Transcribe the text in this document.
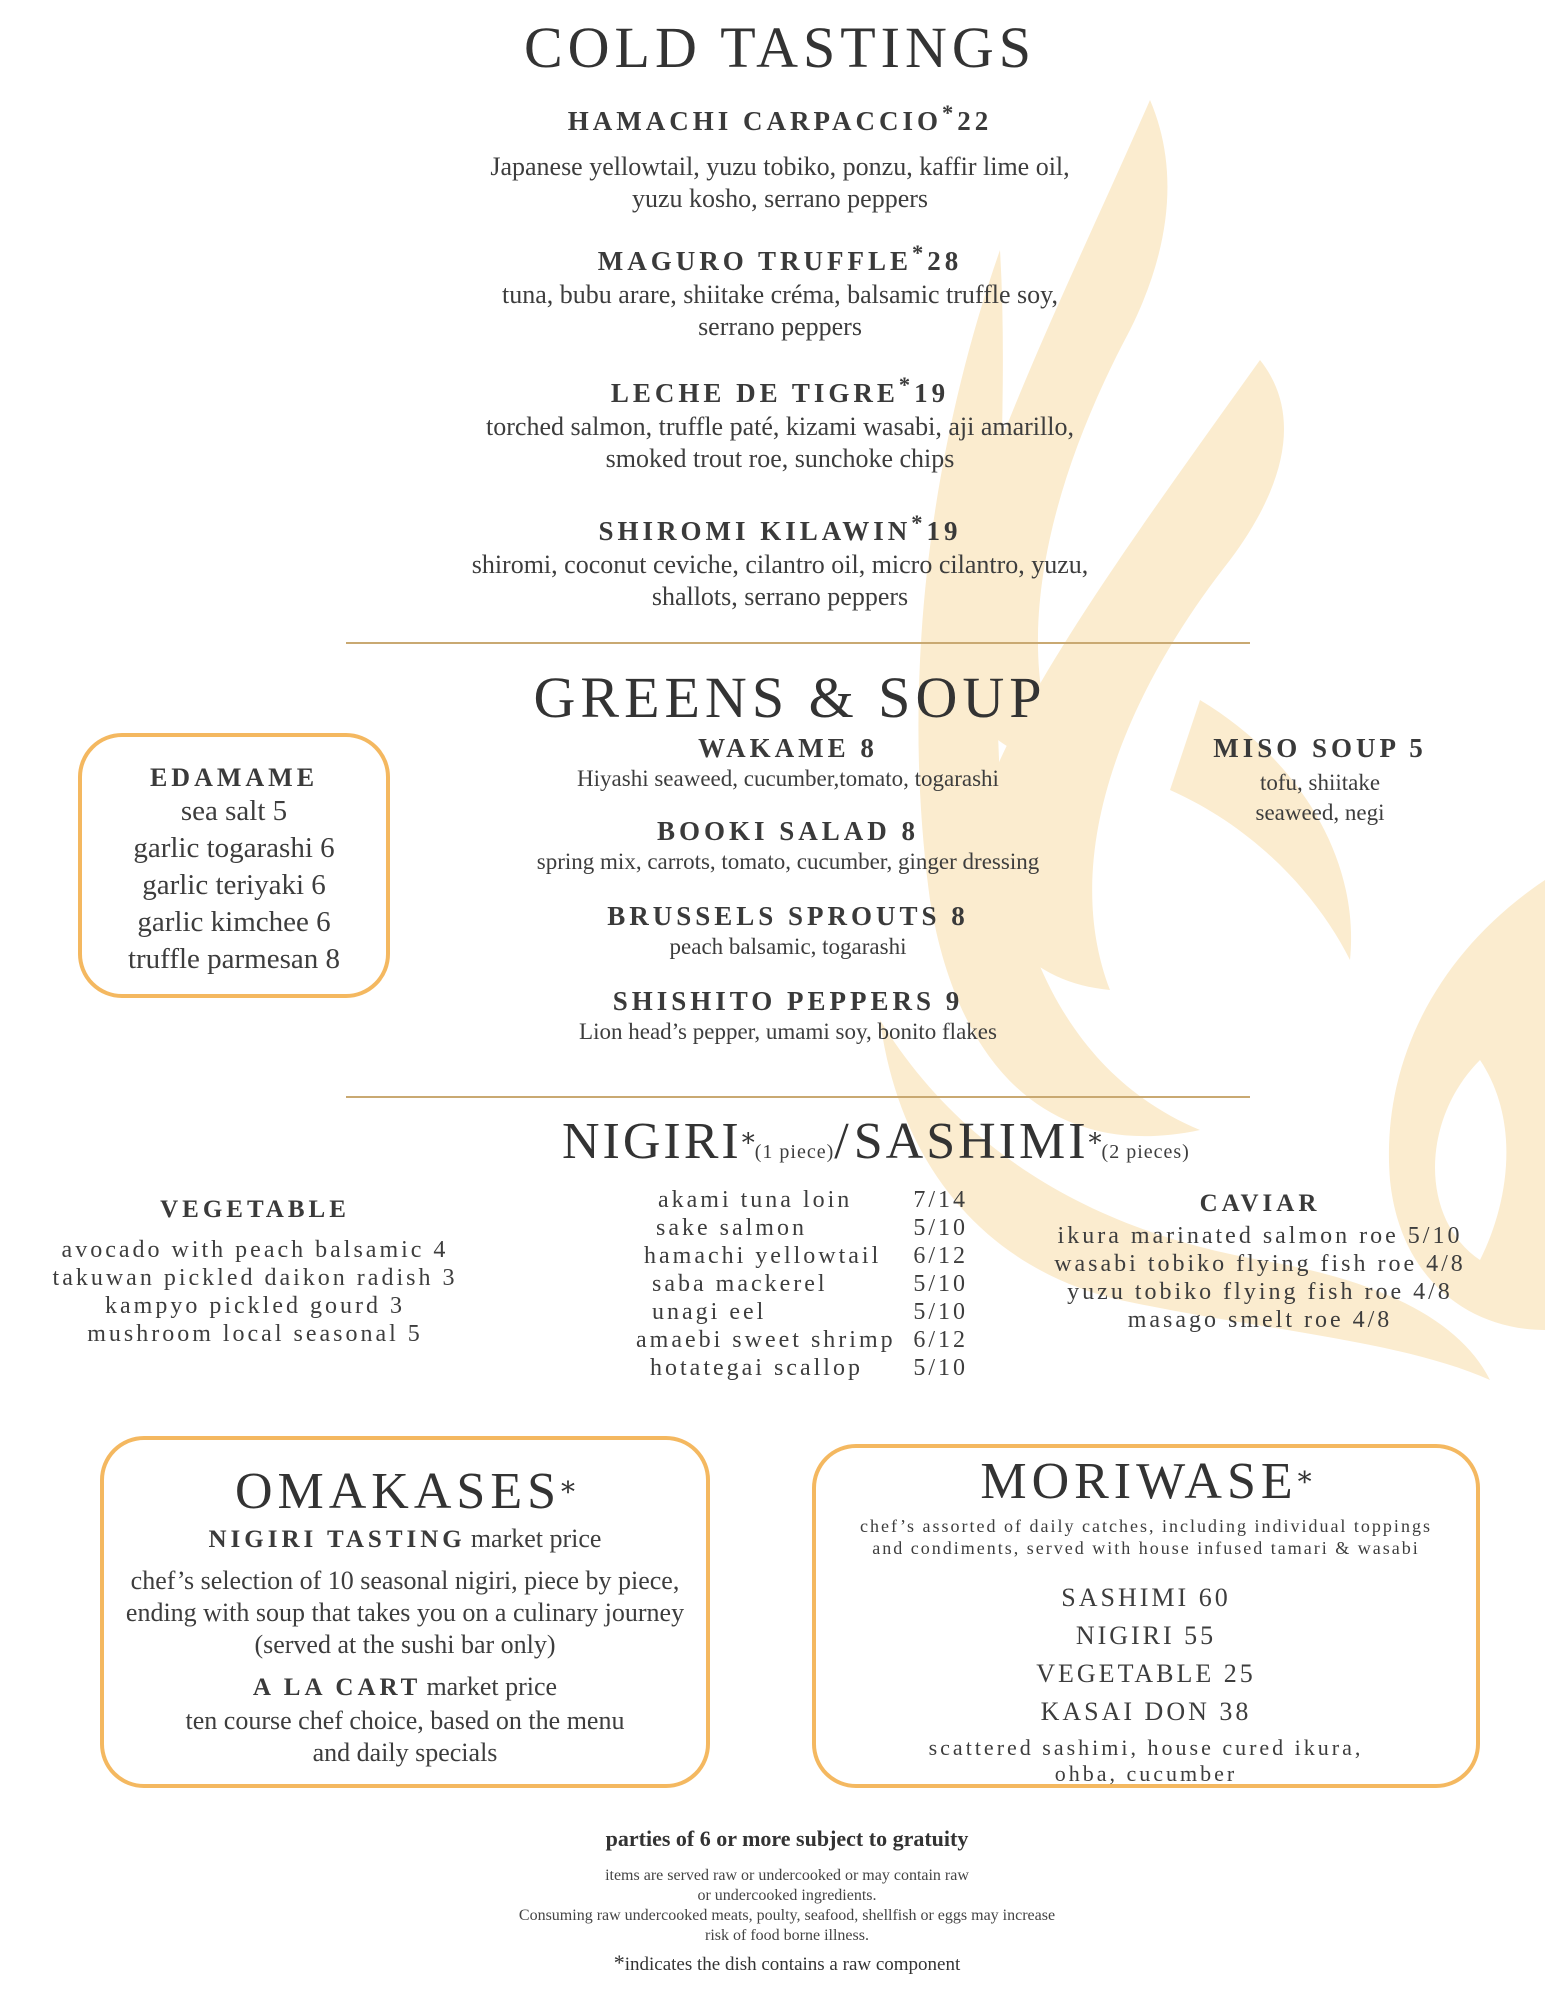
COLD TASTINGS
HAMACHI CARPACCIO*22
Japanese yellowtail, yuzu tobiko, ponzu, kaffir lime oil,
yuzu kosho, serrano peppers
MAGURO TRUFFLE*28
tuna, bubu arare, shiitake créma, balsamic truffle soy,
serrano peppers
LECHE DE TIGRE*19
torched salmon, truffle paté, kizami wasabi, aji amarillo,
smoked trout roe, sunchoke chips
SHIROMI KILAWIN*19
shiromi, coconut ceviche, cilantro oil, micro cilantro, yuzu,
shallots, serrano peppers
GREENS & SOUP
EDAMAME
sea salt 5
garlic togarashi 6
garlic teriyaki 6
garlic kimchee 6
truffle parmesan 8
WAKAME 8
Hiyashi seaweed, cucumber,tomato, togarashi
BOOKI SALAD 8
spring mix, carrots, tomato, cucumber, ginger dressing
BRUSSELS SPROUTS 8
peach balsamic, togarashi
SHISHITO PEPPERS 9
Lion head’s pepper, umami soy, bonito flakes
MISO SOUP 5
tofu, shiitake
seaweed, negi
NIGIRI*(1 piece)/SASHIMI*(2 pieces)
VEGETABLE
avocado with peach balsamic 4
takuwan pickled daikon radish 3
kampyo pickled gourd 3
mushroom local seasonal 5
akami tuna loin	7/14
sake salmon	5/10
hamachi yellowtail 6/12
saba mackerel	5/10
unagi eel	5/10
amaebi sweet shrimp 6/12
hotategai scallop 5/10
CAVIAR
ikura marinated salmon roe 5/10
wasabi tobiko flying fish roe 4/8
yuzu tobiko flying fish roe 4/8
masago smelt roe 4/8
OMAKASES*
NIGIRI TASTING market price
chef’s selection of 10 seasonal nigiri, piece by piece,
ending with soup that takes you on a culinary journey
(served at the sushi bar only)
A LA CART market price
ten course chef choice, based on the menu
and daily specials
MORIWASE*
chef’s assorted of daily catches, including individual toppings
and condiments, served with house infused tamari & wasabi
SASHIMI 60
NIGIRI 55
VEGETABLE 25
KASAI DON 38
scattered sashimi, house cured ikura,
ohba, cucumber
parties of 6 or more subject to gratuity
items are served raw or undercooked or may contain raw
or undercooked ingredients.
Consuming raw undercooked meats, poulty, seafood, shellfish or eggs may increase
risk of food borne illness.
*indicates the dish contains a raw component
